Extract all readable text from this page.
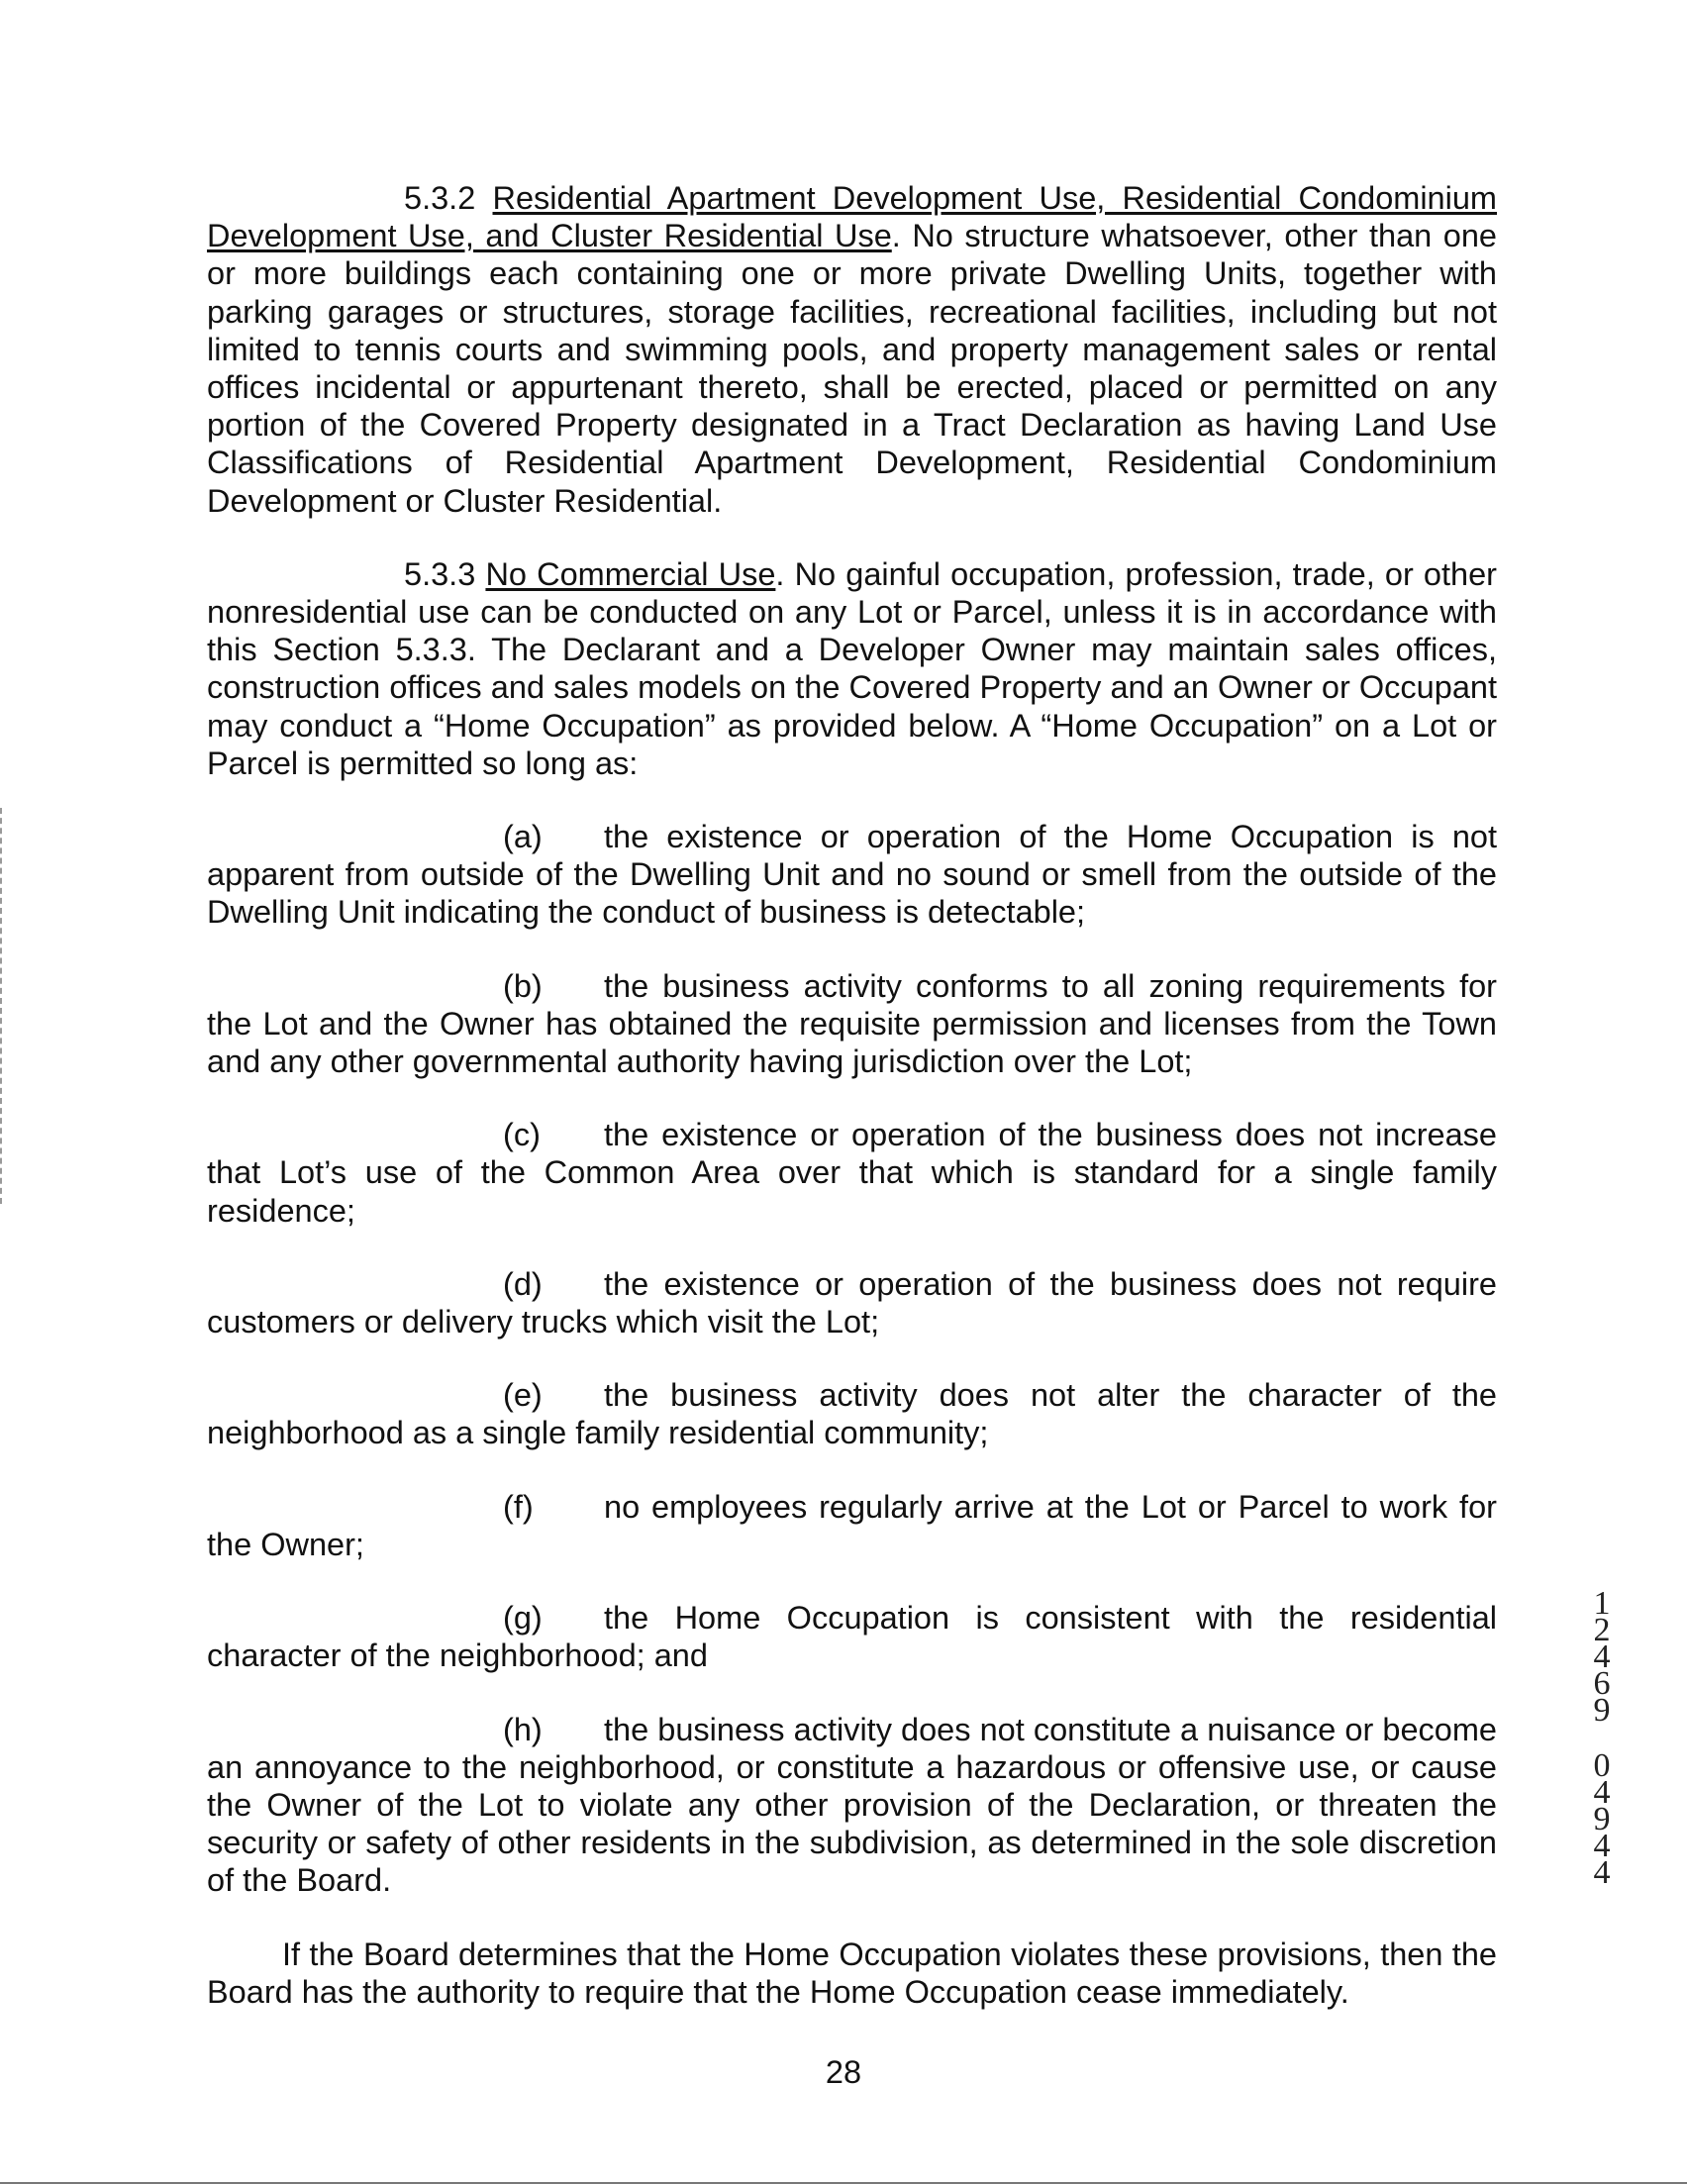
5.3.2 Residential Apartment Development Use, Residential Condominium Development Use, and Cluster Residential Use. No structure whatsoever, other than one or more buildings each containing one or more private Dwelling Units, together with parking garages or structures, storage facilities, recreational facilities, including but not limited to tennis courts and swimming pools, and property management sales or rental offices incidental or appurtenant thereto, shall be erected, placed or permitted on any portion of the Covered Property designated in a Tract Declaration as having Land Use Classifications of Residential Apartment Development, Residential Condominium Development or Cluster Residential.

5.3.3 No Commercial Use. No gainful occupation, profession, trade, or other nonresidential use can be conducted on any Lot or Parcel, unless it is in accordance with this Section 5.3.3. The Declarant and a Developer Owner may maintain sales offices, construction offices and sales models on the Covered Property and an Owner or Occupant may conduct a “Home Occupation” as provided below. A “Home Occupation” on a Lot or Parcel is permitted so long as:

(a) the existence or operation of the Home Occupation is not apparent from outside of the Dwelling Unit and no sound or smell from the outside of the Dwelling Unit indicating the conduct of business is detectable;

(b) the business activity conforms to all zoning requirements for the Lot and the Owner has obtained the requisite permission and licenses from the Town and any other governmental authority having jurisdiction over the Lot;

(c) the existence or operation of the business does not increase that Lot’s use of the Common Area over that which is standard for a single family residence;

(d) the existence or operation of the business does not require customers or delivery trucks which visit the Lot;

(e) the business activity does not alter the character of the neighborhood as a single family residential community;

(f) no employees regularly arrive at the Lot or Parcel to work for the Owner;

(g) the Home Occupation is consistent with the residential character of the neighborhood; and

(h) the business activity does not constitute a nuisance or become an annoyance to the neighborhood, or constitute a hazardous or offensive use, or cause the Owner of the Lot to violate any other provision of the Declaration, or threaten the security or safety of other residents in the subdivision, as determined in the sole discretion of the Board.

If the Board determines that the Home Occupation violates these provisions, then the Board has the authority to require that the Home Occupation cease immediately.

28
1
2
4
6
9
0
4
9
4
4
